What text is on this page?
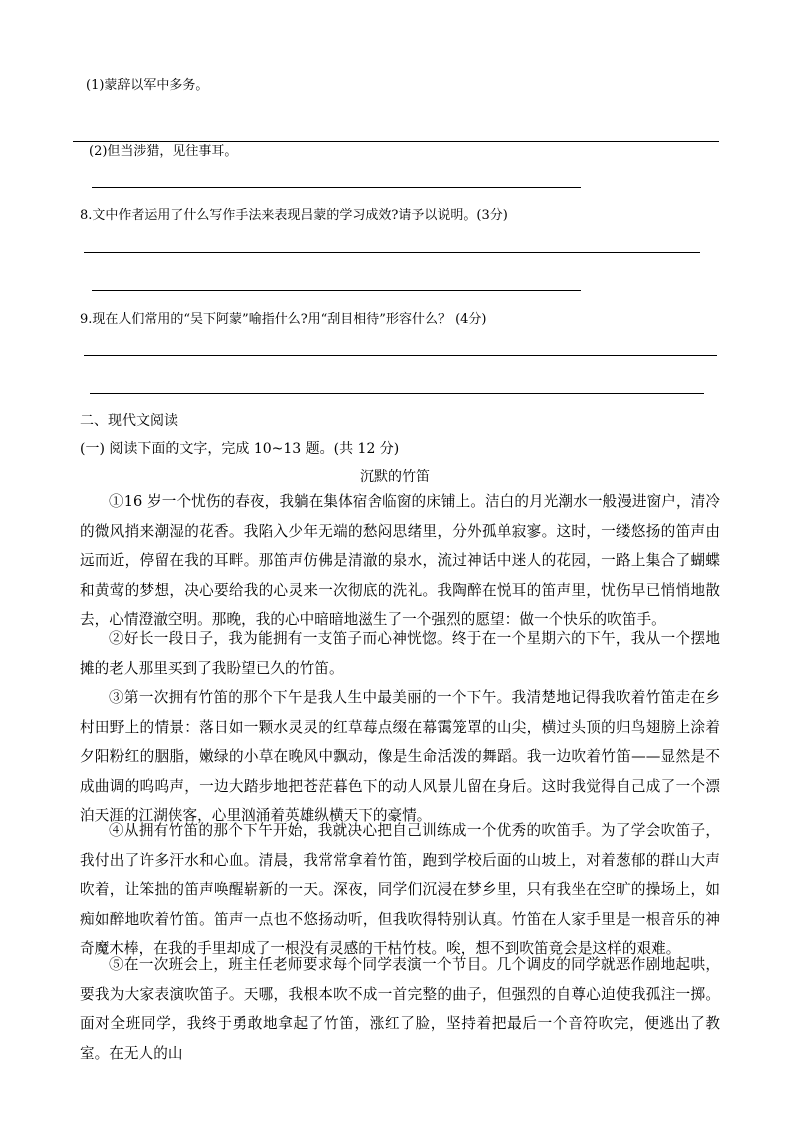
(1)蒙辞以军中多务。
(2)但当涉猎，见往事耳。
8.文中作者运用了什么写作手法来表现吕蒙的学习成效?请予以说明。(3分)
9.现在人们常用的“吴下阿蒙”喻指什么?用“刮目相待”形容什么？ (4分)
二、现代文阅读
(一) 阅读下面的文字，完成 10~13 题。(共 12 分)
沉默的竹笛

①16 岁一个忧伤的春夜，我躺在集体宿舍临窗的床铺上。洁白的月光潮水一般漫进窗户，清冷的微风捎来潮湿的花香。我陷入少年无端的愁闷思绪里，分外孤单寂寥。这时，一缕悠扬的笛声由远而近，停留在我的耳畔。那笛声仿佛是清澈的泉水，流过神话中迷人的花园，一路上集合了蝴蝶和黄莺的梦想，决心要给我的心灵来一次彻底的洗礼。我陶醉在悦耳的笛声里，忧伤早已悄悄地散去，心情澄澈空明。那晚，我的心中暗暗地滋生了一个强烈的愿望：做一个快乐的吹笛手。

②好长一段日子，我为能拥有一支笛子而心神恍惚。终于在一个星期六的下午，我从一个摆地摊的老人那里买到了我盼望已久的竹笛。

③第一次拥有竹笛的那个下午是我人生中最美丽的一个下午。我清楚地记得我吹着竹笛走在乡村田野上的情景：落日如一颗水灵灵的红草莓点缀在幕霭笼罩的山尖，横过头顶的归鸟翅膀上涂着夕阳粉红的胭脂，嫩绿的小草在晚风中飘动，像是生命活泼的舞蹈。我一边吹着竹笛——显然是不成曲调的呜呜声，一边大踏步地把苍茫暮色下的动人风景儿留在身后。这时我觉得自己成了一个漂泊天涯的江湖侠客，心里汹涌着英雄纵横天下的豪情。

④从拥有竹笛的那个下午开始，我就决心把自己训练成一个优秀的吹笛手。为了学会吹笛子，我付出了许多汗水和心血。清晨，我常常拿着竹笛，跑到学校后面的山坡上，对着葱郁的群山大声吹着，让笨拙的笛声唤醒崭新的一天。深夜，同学们沉浸在梦乡里，只有我坐在空旷的操场上，如痴如醉地吹着竹笛。笛声一点也不悠扬动听，但我吹得特别认真。竹笛在人家手里是一根音乐的神奇魔木棒，在我的手里却成了一根没有灵感的干枯竹枝。唉，想不到吹笛竟会是这样的艰难。

⑤在一次班会上，班主任老师要求每个同学表演一个节目。几个调皮的同学就恶作剧地起哄，要我为大家表演吹笛子。天哪，我根本吹不成一首完整的曲子，但强烈的自尊心迫使我孤注一掷。面对全班同学，我终于勇敢地拿起了竹笛，涨红了脸，坚持着把最后一个音符吹完，便逃出了教室。在无人的山
